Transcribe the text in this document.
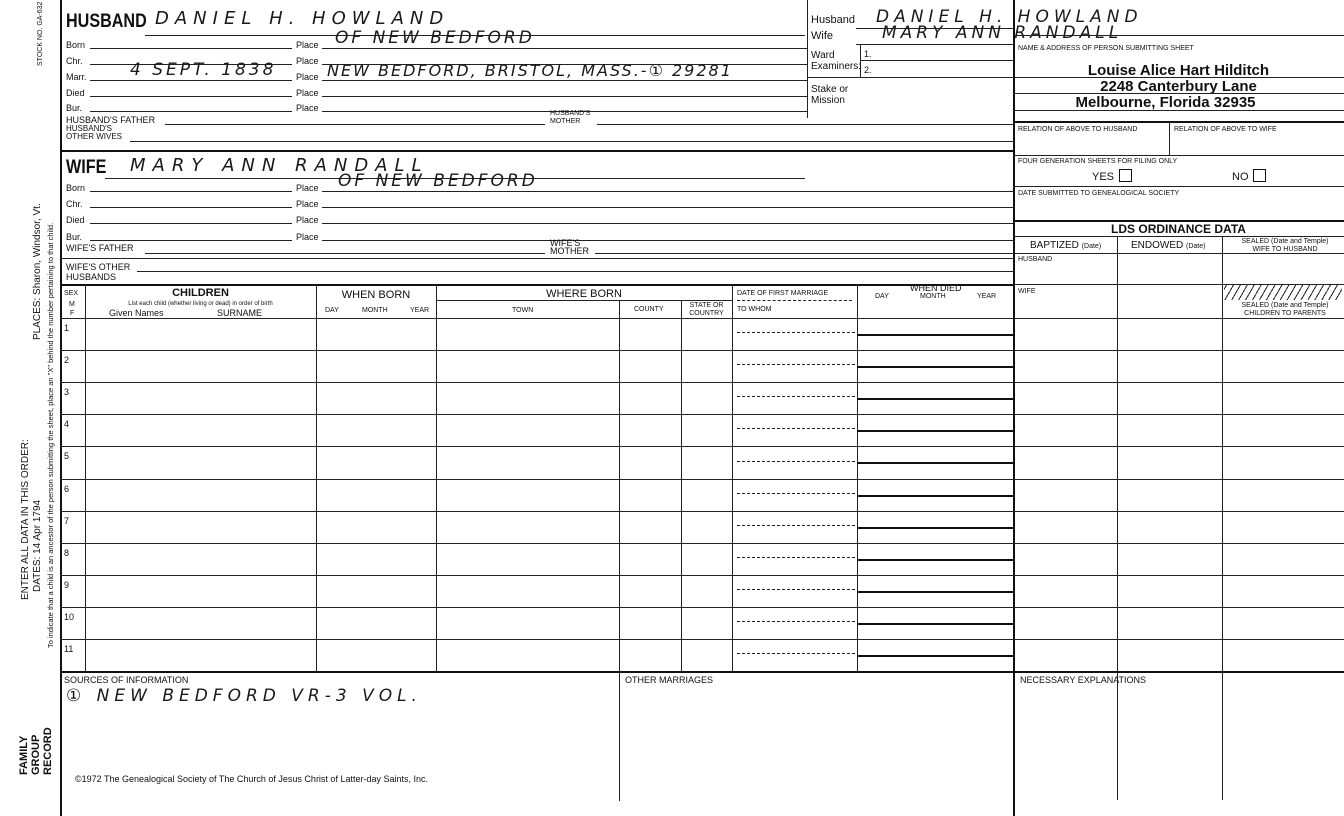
STOCK NO. GA-632
To indicate that a child is an ancestor of the person submitting the sheet, place an "X" behind the number pertaining to that child.
ENTER ALL DATA IN THIS ORDER: DATES: 14 Apr 1794
PLACES: Sharon, Windsor, Vt.
FAMILY GROUP RECORD
HUSBAND DANIEL H. HOWLAND
Born	Place OF NEW BEDFORD
Chr.	Place
Marr.	4 SEPT. 1838 Place NEW BEDFORD, BRISTOL, MASS.-① 29281
Died	Place
Bur.	Place
HUSBAND'S FATHER
HUSBAND'S
MOTHER
HUSBAND'S
OTHER WIVES
WIFE MARY ANN RANDALL
Born	Place OF NEW BEDFORD
Chr.	Place
Died	Place
Bur.	Place
WIFE'S FATHER	WIFE'S
MOTHER
WIFE'S OTHER
HUSBANDS
Husband DANIEL H. HOWLAND
Wife	MARY ANN RANDALL
Ward
Examiners:
1.
2.
Stake or
Mission
NAME & ADDRESS OF PERSON SUBMITTING SHEET
Louise Alice Hart Hilditch
2248 Canterbury Lane
Melbourne, Florida 32935
RELATION OF ABOVE TO HUSBAND	RELATION OF ABOVE TO WIFE
FOUR GENERATION SHEETS FOR FILING ONLY
YES	NO
DATE SUBMITTED TO GENEALOGICAL SOCIETY
LDS ORDINANCE DATA
BAPTIZED (Date)	ENDOWED (Date)
SEALED (Date and Temple)
WIFE TO HUSBAND
HUSBAND
WIFE
SEALED (Date and Temple)
CHILDREN TO PARENTS
SEX
M
F
CHILDREN
List each child (whether living or dead) in order of birth
Given Names	SURNAME
WHEN BORN
DAY	MONTH	YEAR
WHERE BORN
TOWN	COUNTY
STATE OR
COUNTRY
DATE OF FIRST MARRIAGE
TO WHOM
WHEN DIED
DAY	MONTH	YEAR
1
2
3
4
5
6
7
8
9
10
11
SOURCES OF INFORMATION
① NEW BEDFORD VR-3 VOL.
OTHER MARRIAGES	NECESSARY EXPLANATIONS
©1972 The Genealogical Society of The Church of Jesus Christ of Latter-day Saints, Inc.
